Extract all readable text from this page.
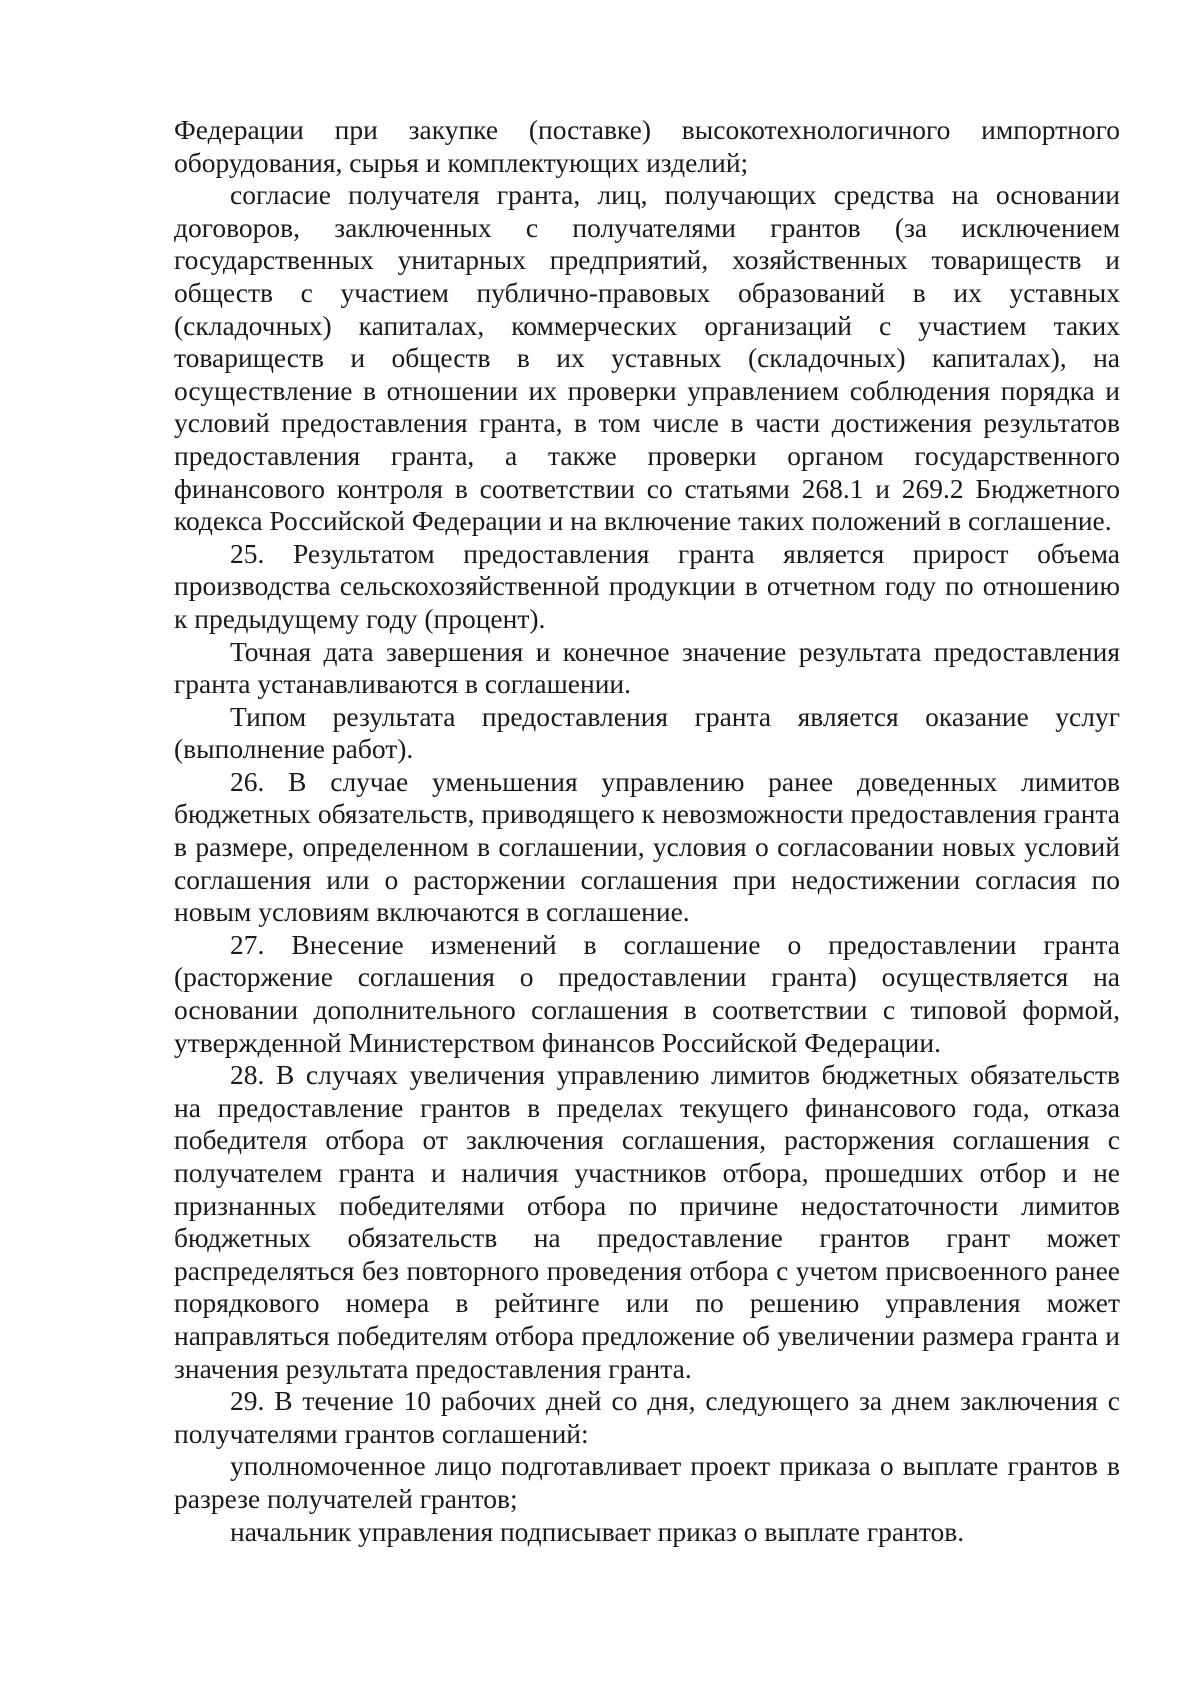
Федерации при закупке (поставке) высокотехнологичного импортного оборудования, сырья и комплектующих изделий;

согласие получателя гранта, лиц, получающих средства на основании договоров, заключенных с получателями грантов (за исключением государственных унитарных предприятий, хозяйственных товариществ и обществ с участием публично-правовых образований в их уставных (складочных) капиталах, коммерческих организаций с участием таких товариществ и обществ в их уставных (складочных) капиталах), на осуществление в отношении их проверки управлением соблюдения порядка и условий предоставления гранта, в том числе в части достижения результатов предоставления гранта, а также проверки органом государственного финансового контроля в соответствии со статьями 268.1 и 269.2 Бюджетного кодекса Российской Федерации и на включение таких положений в соглашение.

25. Результатом предоставления гранта является прирост объема производства сельскохозяйственной продукции в отчетном году по отношению к предыдущему году (процент).

Точная дата завершения и конечное значение результата предоставления гранта устанавливаются в соглашении.

Типом результата предоставления гранта является оказание услуг (выполнение работ).

26. В случае уменьшения управлению ранее доведенных лимитов бюджетных обязательств, приводящего к невозможности предоставления гранта в размере, определенном в соглашении, условия о согласовании новых условий соглашения или о расторжении соглашения при недостижении согласия по новым условиям включаются в соглашение.

27. Внесение изменений в соглашение о предоставлении гранта (расторжение соглашения о предоставлении гранта) осуществляется на основании дополнительного соглашения в соответствии с типовой формой, утвержденной Министерством финансов Российской Федерации.

28. В случаях увеличения управлению лимитов бюджетных обязательств на предоставление грантов в пределах текущего финансового года, отказа победителя отбора от заключения соглашения, расторжения соглашения с получателем гранта и наличия участников отбора, прошедших отбор и не признанных победителями отбора по причине недостаточности лимитов бюджетных обязательств на предоставление грантов грант может распределяться без повторного проведения отбора с учетом присвоенного ранее порядкового номера в рейтинге или по решению управления может направляться победителям отбора предложение об увеличении размера гранта и значения результата предоставления гранта.

29. В течение 10 рабочих дней со дня, следующего за днем заключения с получателями грантов соглашений:

уполномоченное лицо подготавливает проект приказа о выплате грантов в разрезе получателей грантов;

начальник управления подписывает приказ о выплате грантов.
